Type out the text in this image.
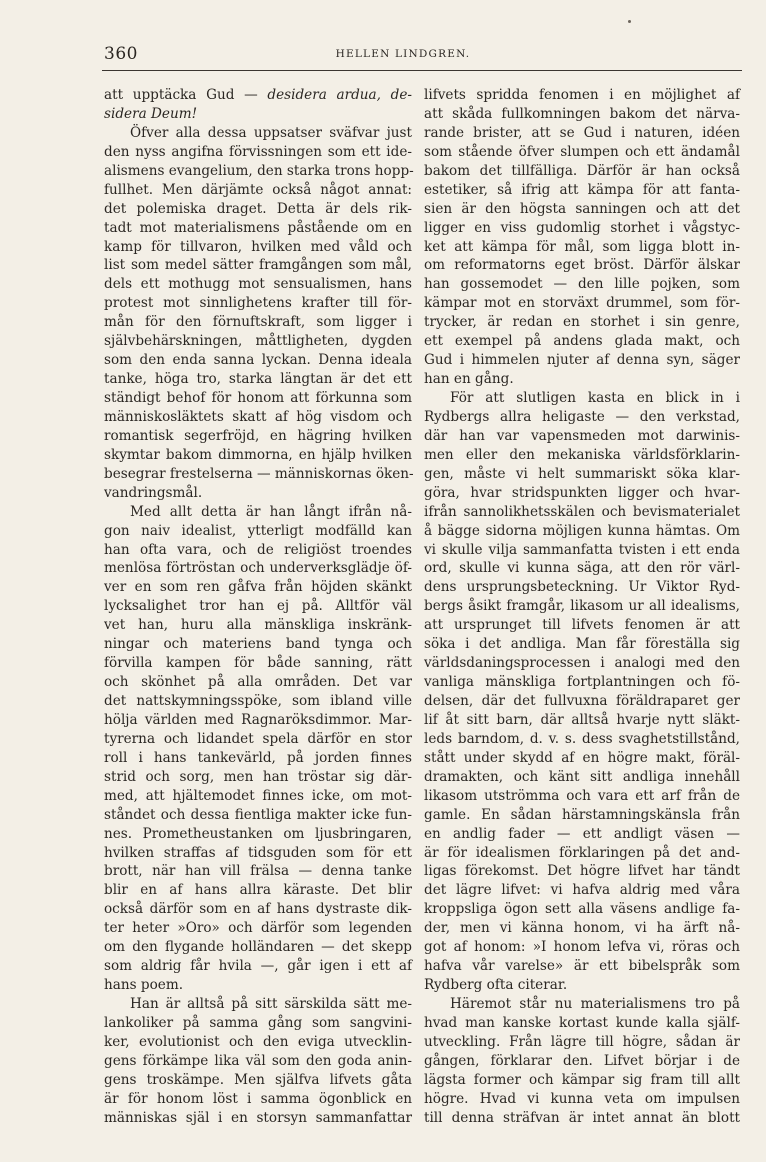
360	HELLEN LINDGREN.
att upptäcka Gud — desidera ardua, de-
sidera Deum!
Öfver alla dessa uppsatser sväfvar just
den nyss angifna förvissningen som ett ide-
alismens evangelium, den starka trons hopp-
fullhet. Men därjämte också något annat:
det polemiska draget. Detta är dels rik-
tadt mot materialismens påstående om en
kamp för tillvaron, hvilken med våld och
list som medel sätter framgången som mål,
dels ett mothugg mot sensualismen, hans
protest mot sinnlighetens krafter till för-
mån för den förnuftskraft, som ligger i
självbehärskningen, måttligheten, dygden
som den enda sanna lyckan. Denna ideala
tanke, höga tro, starka längtan är det ett
ständigt behof för honom att förkunna som
människosläktets skatt af hög visdom och
romantisk segerfröjd, en hägring hvilken
skymtar bakom dimmorna, en hjälp hvilken
besegrar frestelserna — människornas öken-
vandringsmål.
Med allt detta är han långt ifrån nå-
gon naiv idealist, ytterligt modfälld kan
han ofta vara, och de religiöst troendes
menlösa förtröstan och underverksglädje öf-
ver en som ren gåfva från höjden skänkt
lycksalighet tror han ej på. Alltför väl
vet han, huru alla mänskliga inskränk-
ningar och materiens band tynga och
förvilla kampen för både sanning, rätt
och skönhet på alla områden. Det var
det nattskymningsspöke, som ibland ville
hölja världen med Ragnaröksdimmor. Mar-
tyrerna och lidandet spela därför en stor
roll i hans tankevärld, på jorden finnes
strid och sorg, men han tröstar sig där-
med, att hjältemodet finnes icke, om mot-
ståndet och dessa fientliga makter icke fun-
nes. Prometheustanken om ljusbringaren,
hvilken straffas af tidsguden som för ett
brott, när han vill frälsa — denna tanke
blir en af hans allra käraste. Det blir
också därför som en af hans dystraste dik-
ter heter »Oro» och därför som legenden
om den flygande holländaren — det skepp
som aldrig får hvila —, går igen i ett af
hans poem.
Han är alltså på sitt särskilda sätt me-
lankoliker på samma gång som sangvini-
ker, evolutionist och den eviga utvecklin-
gens förkämpe lika väl som den goda anin-
gens troskämpe. Men själfva lifvets gåta
är för honom löst i samma ögonblick en
människas själ i en storsyn sammanfattar
lifvets spridda fenomen i en möjlighet af
att skåda fullkomningen bakom det närva-
rande brister, att se Gud i naturen, idéen
som stående öfver slumpen och ett ändamål
bakom det tillfälliga. Därför är han också
estetiker, så ifrig att kämpa för att fanta-
sien är den högsta sanningen och att det
ligger en viss gudomlig storhet i vågstyc-
ket att kämpa för mål, som ligga blott in-
om reformatorns eget bröst. Därför älskar
han gossemodet — den lille pojken, som
kämpar mot en storväxt drummel, som för-
trycker, är redan en storhet i sin genre,
ett exempel på andens glada makt, och
Gud i himmelen njuter af denna syn, säger
han en gång.
För att slutligen kasta en blick in i
Rydbergs allra heligaste — den verkstad,
där han var vapensmeden mot darwinis-
men eller den mekaniska världsförklarin-
gen, måste vi helt summariskt söka klar-
göra, hvar stridspunkten ligger och hvar-
ifrån sannolikhetsskälen och bevismaterialet
å bägge sidorna möjligen kunna hämtas. Om
vi skulle vilja sammanfatta tvisten i ett enda
ord, skulle vi kunna säga, att den rör värl-
dens ursprungsbeteckning. Ur Viktor Ryd-
bergs åsikt framgår, likasom ur all idealisms,
att ursprunget till lifvets fenomen är att
söka i det andliga. Man får föreställa sig
världsdaningsprocessen i analogi med den
vanliga mänskliga fortplantningen och fö-
delsen, där det fullvuxna föräldraparet ger
lif åt sitt barn, där alltså hvarje nytt släkt-
leds barndom, d. v. s. dess svaghetstillstånd,
stått under skydd af en högre makt, föräl-
dramakten, och känt sitt andliga innehåll
likasom utströmma och vara ett arf från de
gamle. En sådan härstamningskänsla från
en andlig fader — ett andligt väsen —
är för idealismen förklaringen på det and-
ligas förekomst. Det högre lifvet har tändt
det lägre lifvet: vi hafva aldrig med våra
kroppsliga ögon sett alla väsens andlige fa-
der, men vi känna honom, vi ha ärft nå-
got af honom: »I honom lefva vi, röras och
hafva vår varelse» är ett bibelspråk som
Rydberg ofta citerar.
Häremot står nu materialismens tro på
hvad man kanske kortast kunde kalla själf-
utveckling. Från lägre till högre, sådan är
gången, förklarar den. Lifvet börjar i de
lägsta former och kämpar sig fram till allt
högre. Hvad vi kunna veta om impulsen
till denna sträfvan är intet annat än blott
